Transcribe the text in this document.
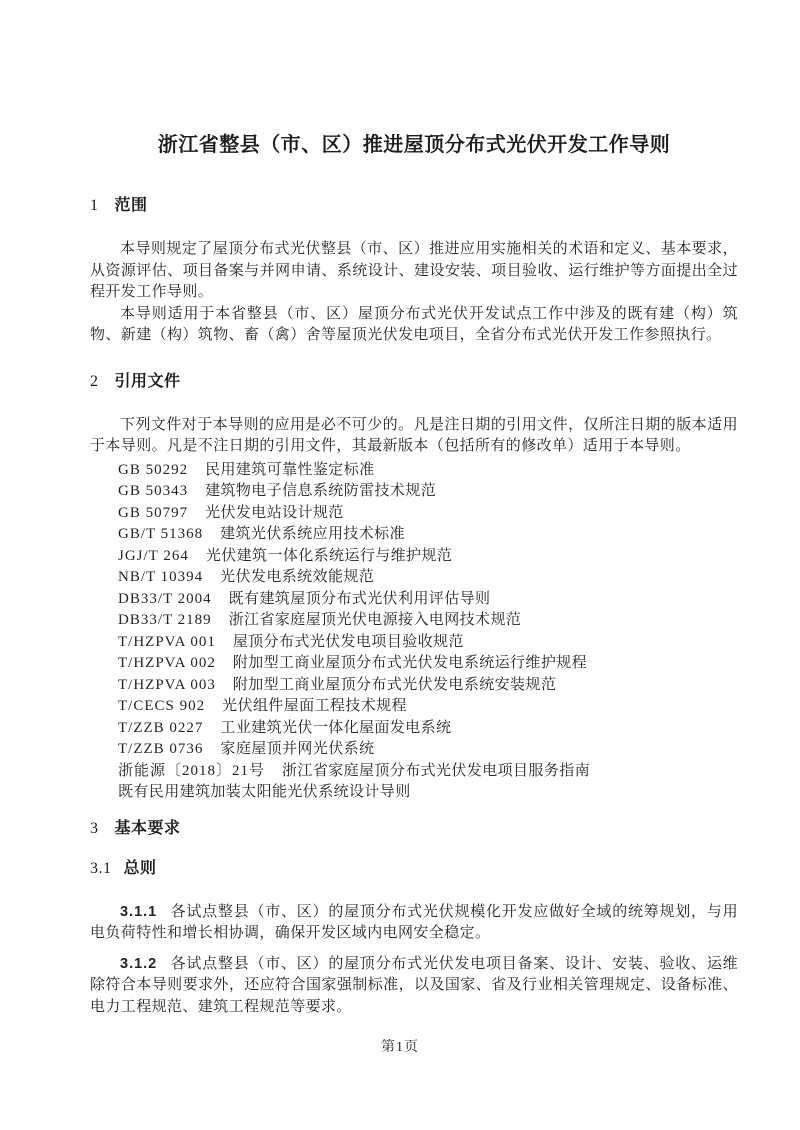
浙江省整县（市、区）推进屋顶分布式光伏开发工作导则
1 范围

本导则规定了屋顶分布式光伏整县（市、区）推进应用实施相关的术语和定义、基本要求，从资源评估、项目备案与并网申请、系统设计、建设安装、项目验收、运行维护等方面提出全过程开发工作导则。

本导则适用于本省整县（市、区）屋顶分布式光伏开发试点工作中涉及的既有建（构）筑物、新建（构）筑物、畜（禽）舍等屋顶光伏发电项目，全省分布式光伏开发工作参照执行。

2 引用文件

下列文件对于本导则的应用是必不可少的。凡是注日期的引用文件，仅所注日期的版本适用于本导则。凡是不注日期的引用文件，其最新版本（包括所有的修改单）适用于本导则。

GB 50292 民用建筑可靠性鉴定标准
GB 50343 建筑物电子信息系统防雷技术规范
GB 50797 光伏发电站设计规范
GB/T 51368 建筑光伏系统应用技术标准
JGJ/T 264 光伏建筑一体化系统运行与维护规范
NB/T 10394 光伏发电系统效能规范
DB33/T 2004 既有建筑屋顶分布式光伏利用评估导则
DB33/T 2189 浙江省家庭屋顶光伏电源接入电网技术规范
T/HZPVA 001 屋顶分布式光伏发电项目验收规范
T/HZPVA 002 附加型工商业屋顶分布式光伏发电系统运行维护规程
T/HZPVA 003 附加型工商业屋顶分布式光伏发电系统安装规范
T/CECS 902 光伏组件屋面工程技术规程
T/ZZB 0227 工业建筑光伏一体化屋面发电系统
T/ZZB 0736 家庭屋顶并网光伏系统
浙能源〔2018〕21号 浙江省家庭屋顶分布式光伏发电项目服务指南
既有民用建筑加装太阳能光伏系统设计导则
3 基本要求
3.1 总则

3.1.1 各试点整县（市、区）的屋顶分布式光伏规模化开发应做好全域的统筹规划，与用电负荷特性和增长相协调，确保开发区域内电网安全稳定。

3.1.2 各试点整县（市、区）的屋顶分布式光伏发电项目备案、设计、安装、验收、运维除符合本导则要求外，还应符合国家强制标准，以及国家、省及行业相关管理规定、设备标准、电力工程规范、建筑工程规范等要求。

第1页
